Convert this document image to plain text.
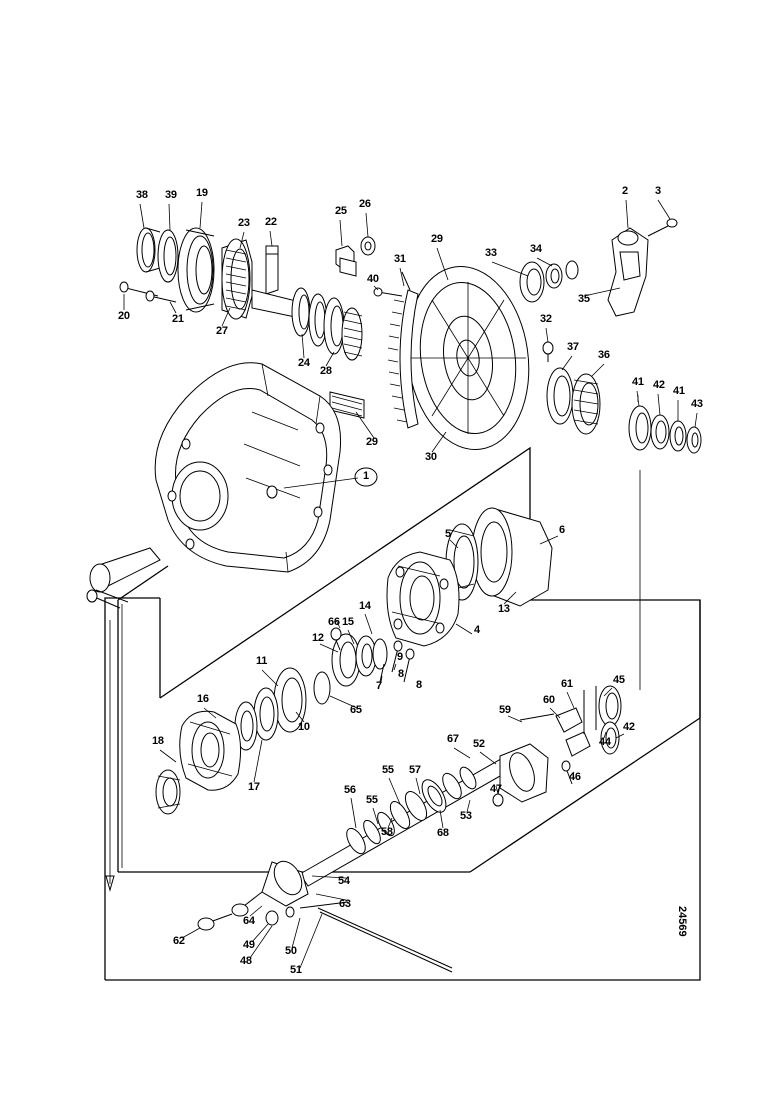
38 39 19
23 22
25
26
2 3
29
33	34
31
40
35
20	21
27
24
28
32
37
36
41 42 41
43
29
30
1
5	6
13
66
14
15
12
4
11	9
8
8
7
65
16
10
45
61
60
59
44
42
46
18
17
67 52
47
53
55 57
56
55
58	68
54
63
64
62	49	50
48
51
24569
